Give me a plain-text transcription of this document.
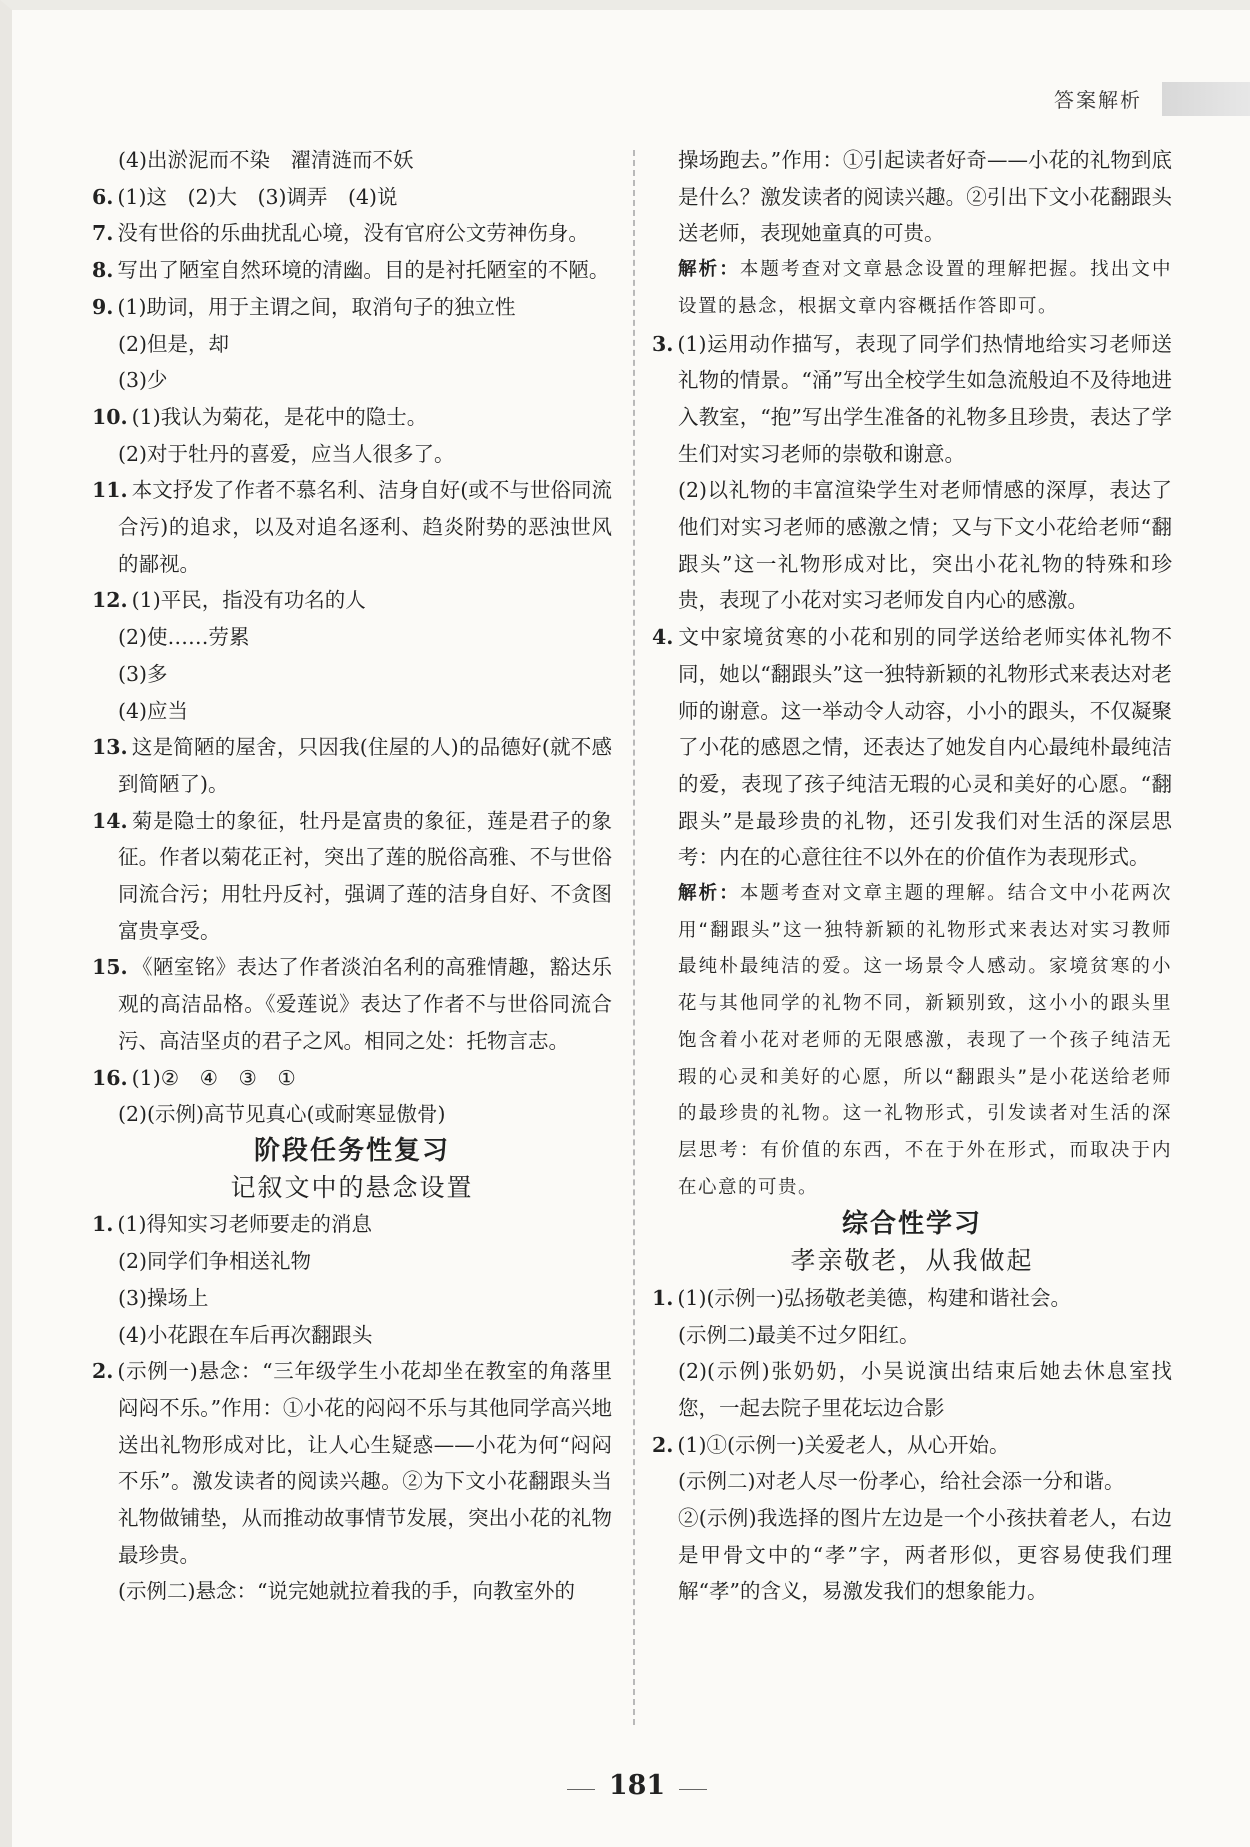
答案解析

(4)出淤泥而不染　濯清涟而不妖

6. (1)这　(2)大　(3)调弄　(4)说

7. 没有世俗的乐曲扰乱心境，没有官府公文劳神伤身。

8. 写出了陋室自然环境的清幽。目的是衬托陋室的不陋。

9. (1)助词，用于主谓之间，取消句子的独立性

(2)但是，却

(3)少

10. (1)我认为菊花，是花中的隐士。

(2)对于牡丹的喜爱，应当人很多了。

11. 本文抒发了作者不慕名利、洁身自好(或不与世俗同流合污)的追求，以及对追名逐利、趋炎附势的恶浊世风的鄙视。

12. (1)平民，指没有功名的人

(2)使……劳累

(3)多

(4)应当

13. 这是简陋的屋舍，只因我(住屋的人)的品德好(就不感到简陋了)。

14. 菊是隐士的象征，牡丹是富贵的象征，莲是君子的象征。作者以菊花正衬，突出了莲的脱俗高雅、不与世俗同流合污；用牡丹反衬，强调了莲的洁身自好、不贪图富贵享受。

15. 《陋室铭》表达了作者淡泊名利的高雅情趣，豁达乐观的高洁品格。《爱莲说》表达了作者不与世俗同流合污、高洁坚贞的君子之风。相同之处：托物言志。

16. (1)②　④　③　①

(2)(示例)高节见真心(或耐寒显傲骨)

阶段任务性复习

记叙文中的悬念设置

1. (1)得知实习老师要走的消息

(2)同学们争相送礼物

(3)操场上

(4)小花跟在车后再次翻跟头

2. (示例一)悬念：“三年级学生小花却坐在教室的角落里闷闷不乐。”作用：①小花的闷闷不乐与其他同学高兴地送出礼物形成对比，让人心生疑惑——小花为何“闷闷不乐”。激发读者的阅读兴趣。②为下文小花翻跟头当礼物做铺垫，从而推动故事情节发展，突出小花的礼物最珍贵。

(示例二)悬念：“说完她就拉着我的手，向教室外的

操场跑去。”作用：①引起读者好奇——小花的礼物到底是什么？激发读者的阅读兴趣。②引出下文小花翻跟头送老师，表现她童真的可贵。

解析：本题考查对文章悬念设置的理解把握。找出文中设置的悬念，根据文章内容概括作答即可。

3. (1)运用动作描写，表现了同学们热情地给实习老师送礼物的情景。“涌”写出全校学生如急流般迫不及待地进入教室，“抱”写出学生准备的礼物多且珍贵，表达了学生们对实习老师的崇敬和谢意。

(2)以礼物的丰富渲染学生对老师情感的深厚，表达了他们对实习老师的感激之情；又与下文小花给老师“翻跟头”这一礼物形成对比，突出小花礼物的特殊和珍贵，表现了小花对实习老师发自内心的感激。

4. 文中家境贫寒的小花和别的同学送给老师实体礼物不同，她以“翻跟头”这一独特新颖的礼物形式来表达对老师的谢意。这一举动令人动容，小小的跟头，不仅凝聚了小花的感恩之情，还表达了她发自内心最纯朴最纯洁的爱，表现了孩子纯洁无瑕的心灵和美好的心愿。“翻跟头”是最珍贵的礼物，还引发我们对生活的深层思考：内在的心意往往不以外在的价值作为表现形式。

解析：本题考查对文章主题的理解。结合文中小花两次用“翻跟头”这一独特新颖的礼物形式来表达对实习教师最纯朴最纯洁的爱。这一场景令人感动。家境贫寒的小花与其他同学的礼物不同，新颖别致，这小小的跟头里饱含着小花对老师的无限感激，表现了一个孩子纯洁无瑕的心灵和美好的心愿，所以“翻跟头”是小花送给老师的最珍贵的礼物。这一礼物形式，引发读者对生活的深层思考：有价值的东西，不在于外在形式，而取决于内在心意的可贵。

综合性学习

孝亲敬老，从我做起

1. (1)(示例一)弘扬敬老美德，构建和谐社会。

(示例二)最美不过夕阳红。

(2)(示例)张奶奶，小吴说演出结束后她去休息室找您，一起去院子里花坛边合影

2. (1)①(示例一)关爱老人，从心开始。

(示例二)对老人尽一份孝心，给社会添一分和谐。

②(示例)我选择的图片左边是一个小孩扶着老人，右边是甲骨文中的“孝”字，两者形似，更容易使我们理解“孝”的含义，易激发我们的想象能力。

181
